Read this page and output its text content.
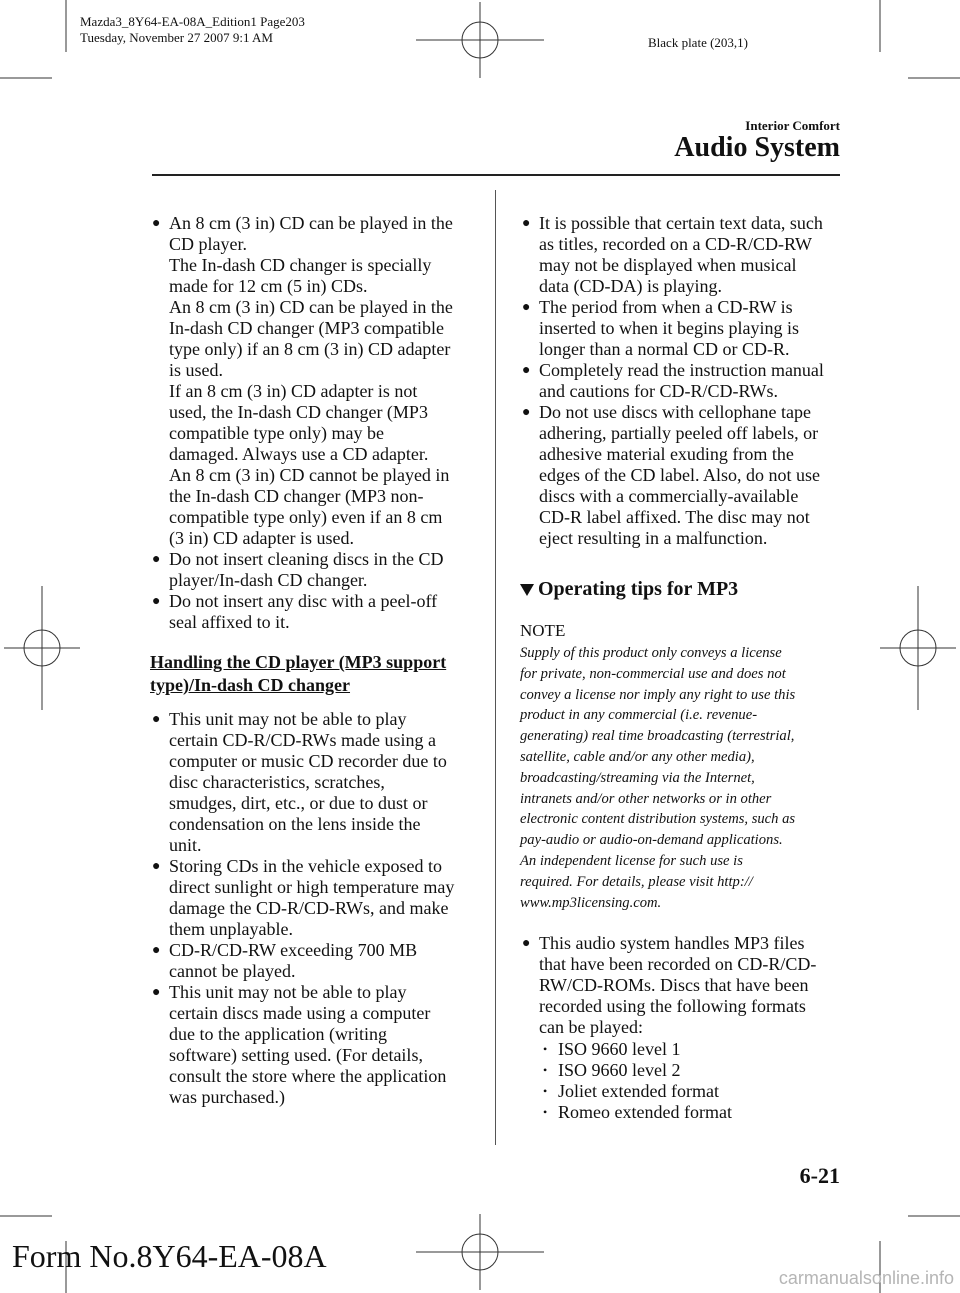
Mazda3_8Y64-EA-08A_Edition1 Page203
Tuesday, November 27 2007 9:1 AM	Black plate (203,1)
Interior Comfort
Audio System
● An 8 cm (3 in) CD can be played in the
CD player.
The In-dash CD changer is specially
made for 12 cm (5 in) CDs.
An 8 cm (3 in) CD can be played in the
In-dash CD changer (MP3 compatible
type only) if an 8 cm (3 in) CD adapter
is used.
If an 8 cm (3 in) CD adapter is not
used, the In-dash CD changer (MP3
compatible type only) may be
damaged. Always use a CD adapter.
An 8 cm (3 in) CD cannot be played in
the In-dash CD changer (MP3 non-
compatible type only) even if an 8 cm
(3 in) CD adapter is used.
● Do not insert cleaning discs in the CD
player/In-dash CD changer.
● Do not insert any disc with a peel-off
seal affixed to it.
Handling the CD player (MP3 support
type)/In-dash CD changer
● This unit may not be able to play
certain CD-R/CD-RWs made using a
computer or music CD recorder due to
disc characteristics, scratches,
smudges, dirt, etc., or due to dust or
condensation on the lens inside the
unit.
● Storing CDs in the vehicle exposed to
direct sunlight or high temperature may
damage the CD-R/CD-RWs, and make
them unplayable.
● CD-R/CD-RW exceeding 700 MB
cannot be played.
● This unit may not be able to play
certain discs made using a computer
due to the application (writing
software) setting used. (For details,
consult the store where the application
was purchased.)
● It is possible that certain text data, such
as titles, recorded on a CD-R/CD-RW
may not be displayed when musical
data (CD-DA) is playing.
● The period from when a CD-RW is
inserted to when it begins playing is
longer than a normal CD or CD-R.
● Completely read the instruction manual
and cautions for CD-R/CD-RWs.
● Do not use discs with cellophane tape
adhering, partially peeled off labels, or
adhesive material exuding from the
edges of the CD label. Also, do not use
discs with a commercially-available
CD-R label affixed. The disc may not
eject resulting in a malfunction.
Operating tips for MP3
NOTE
Supply of this product only conveys a license
for private, non-commercial use and does not
convey a license nor imply any right to use this
product in any commercial (i.e. revenue-
generating) real time broadcasting (terrestrial,
satellite, cable and/or any other media),
broadcasting/streaming via the Internet,
intranets and/or other networks or in other
electronic content distribution systems, such as
pay-audio or audio-on-demand applications.
An independent license for such use is
required. For details, please visit http://
www.mp3licensing.com.
● This audio system handles MP3 files
that have been recorded on CD-R/CD-
RW/CD-ROMs. Discs that have been
recorded using the following formats
can be played:
• ISO 9660 level 1
• ISO 9660 level 2
• Joliet extended format
• Romeo extended format
6-21
Form No.8Y64-EA-08A
carmanualsonline.info
